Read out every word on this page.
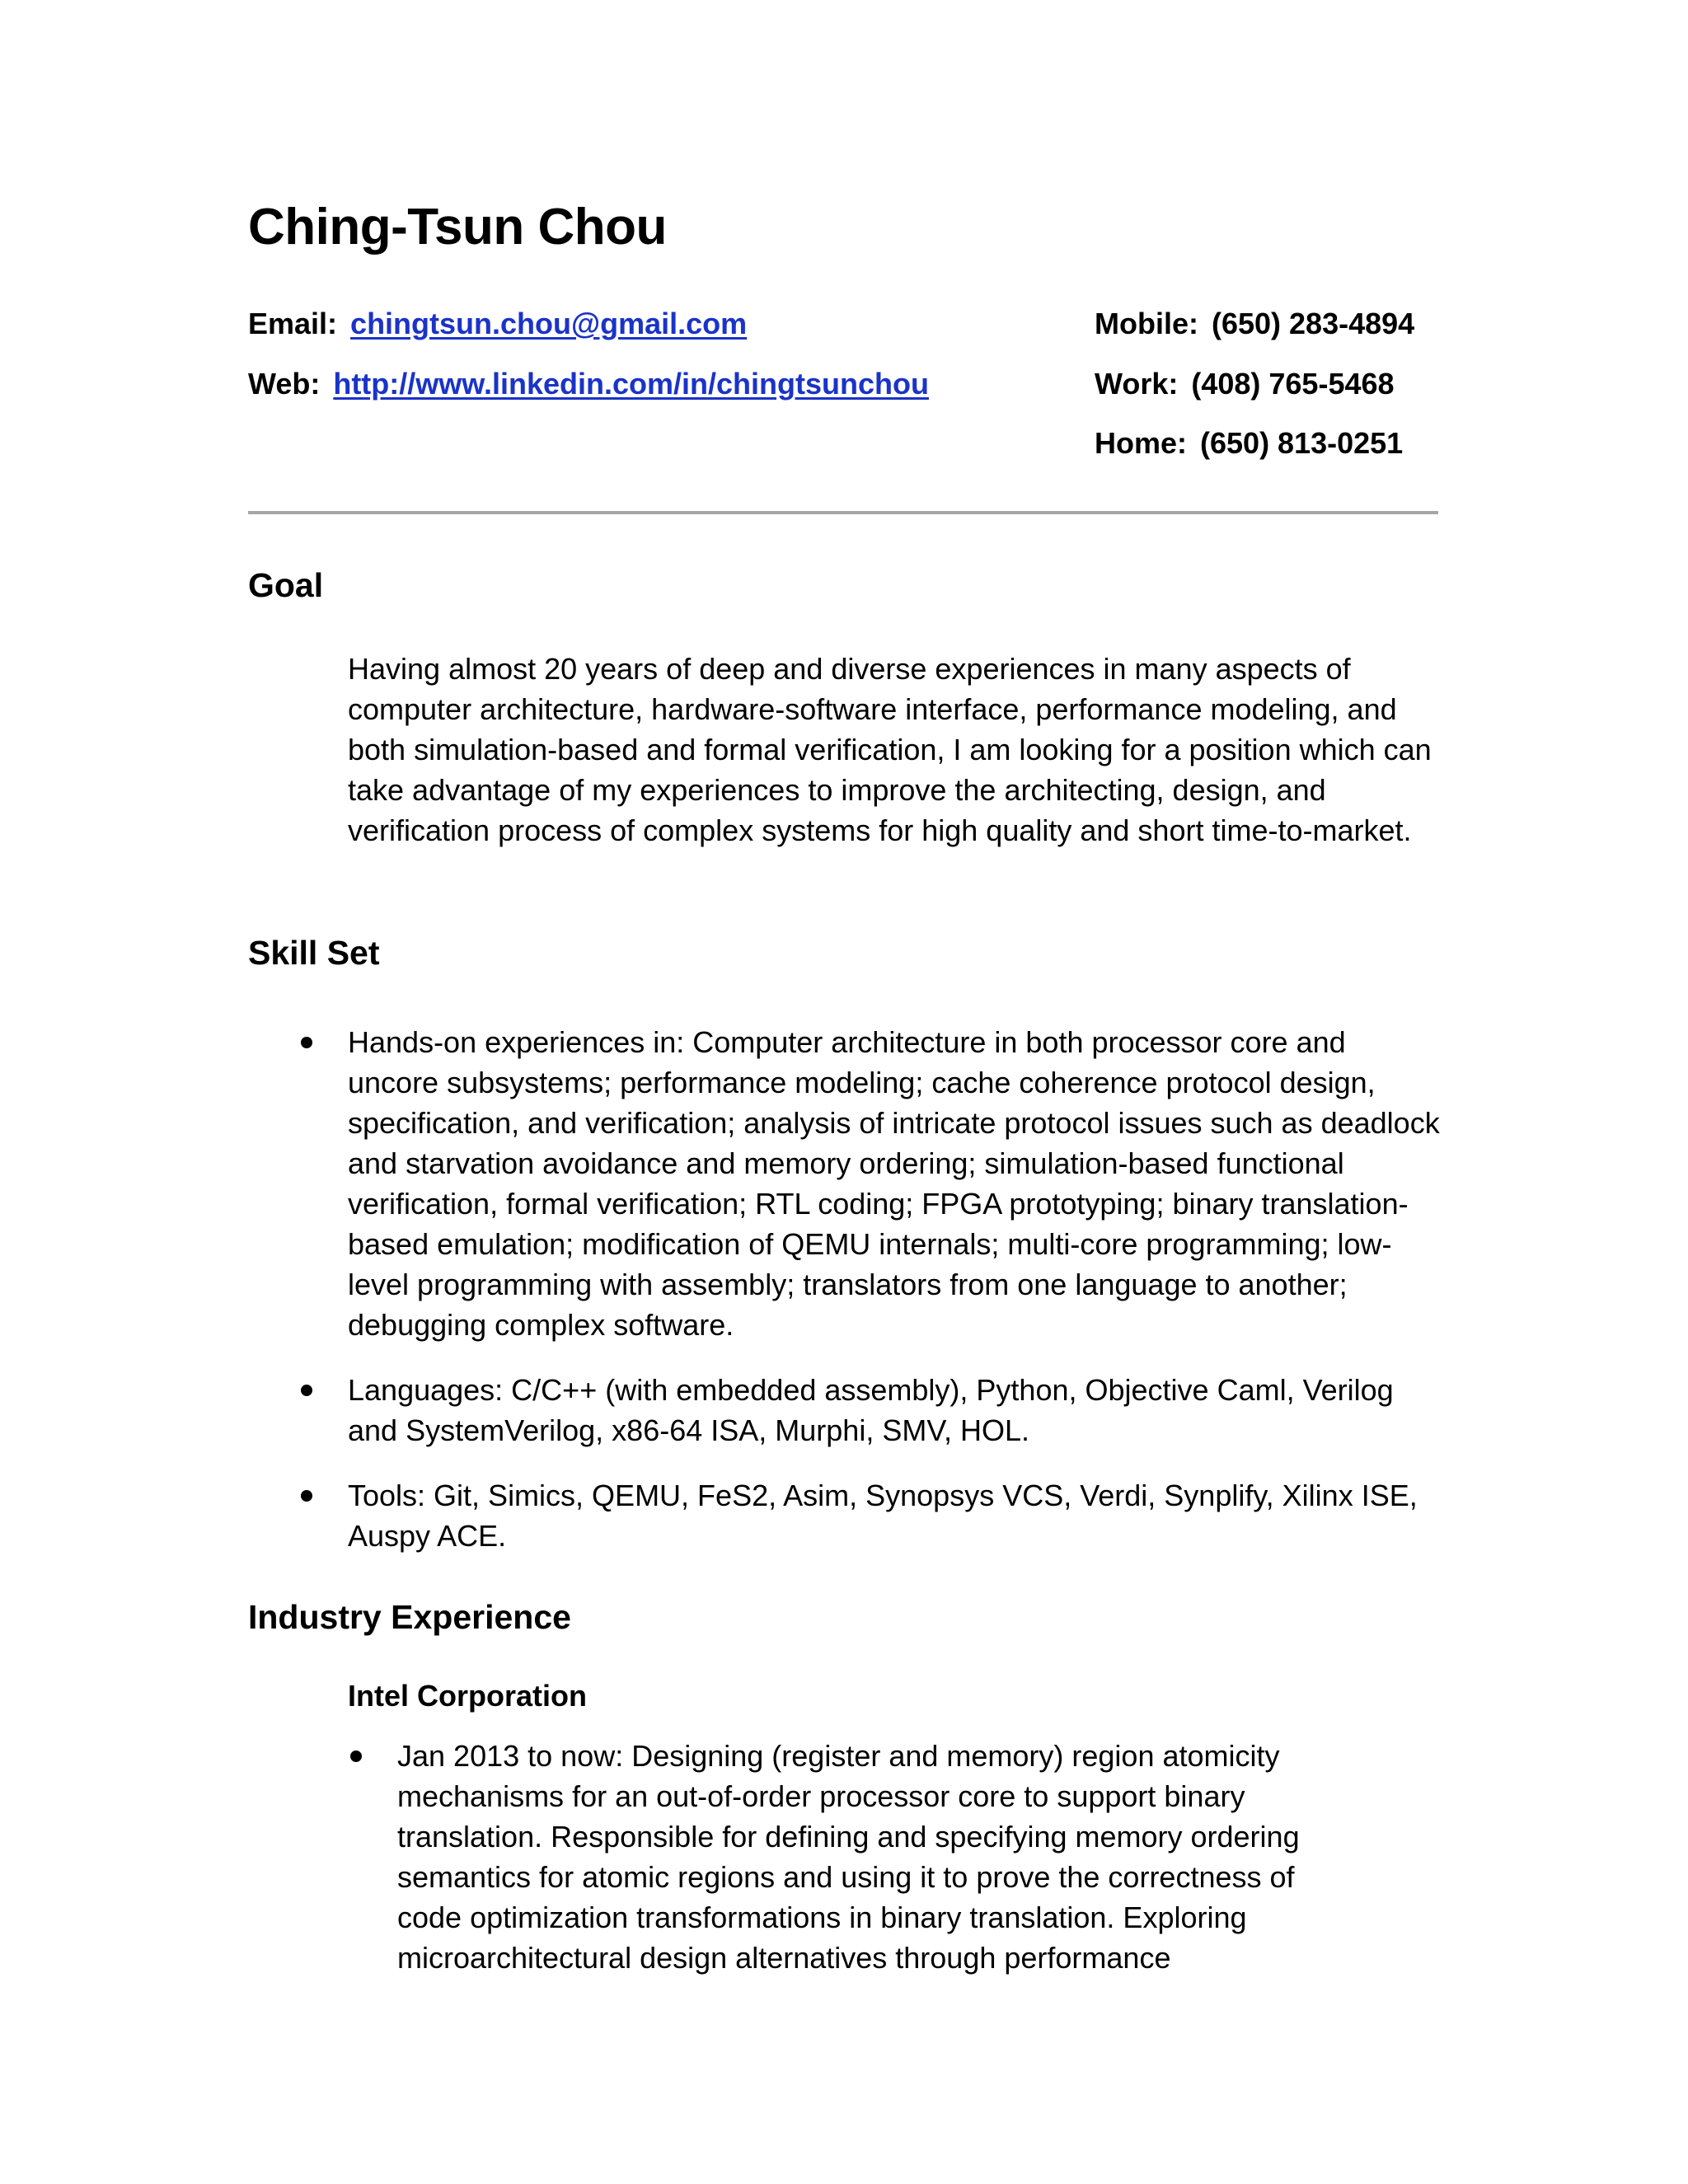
Ching-Tsun Chou
Email: chingtsun.chou@gmail.com
Web: http://www.linkedin.com/in/chingtsunchou
Mobile: (650) 283-4894
Work: (408) 765-5468
Home: (650) 813-0251
Goal

Having almost 20 years of deep and diverse experiences in many aspects of computer architecture, hardware-software interface, performance modeling, and both simulation-based and formal verification, I am looking for a position which can take advantage of my experiences to improve the architecting, design, and verification process of complex systems for high quality and short time-to-market.

Skill Set
Hands-on experiences in: Computer architecture in both processor core and uncore subsystems; performance modeling; cache coherence protocol design, specification, and verification; analysis of intricate protocol issues such as deadlock and starvation avoidance and memory ordering; simulation-based functional verification, formal verification; RTL coding; FPGA prototyping; binary translation-based emulation; modification of QEMU internals; multi-core programming; low-level programming with assembly; translators from one language to another; debugging complex software.
Languages: C/C++ (with embedded assembly), Python, Objective Caml, Verilog and SystemVerilog, x86-64 ISA, Murphi, SMV, HOL.
Tools: Git, Simics, QEMU, FeS2, Asim, Synopsys VCS, Verdi, Synplify, Xilinx ISE, Auspy ACE.
Industry Experience
Intel Corporation
Jan 2013 to now: Designing (register and memory) region atomicity mechanisms for an out-of-order processor core to support binary translation. Responsible for defining and specifying memory ordering semantics for atomic regions and using it to prove the correctness of code optimization transformations in binary translation. Exploring microarchitectural design alternatives through performance
